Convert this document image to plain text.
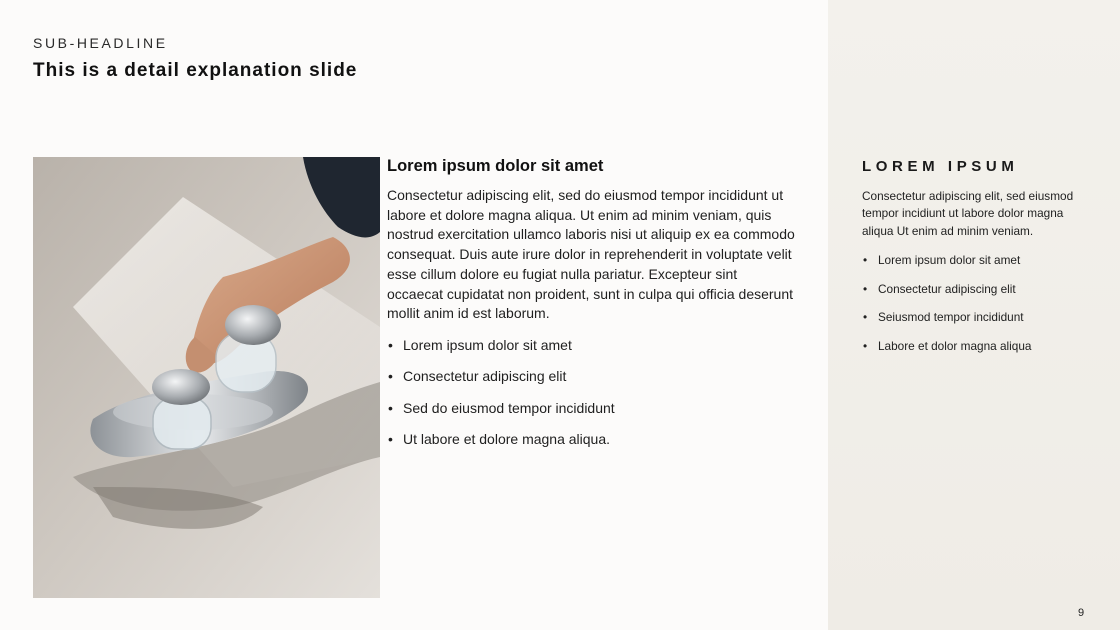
SUB-HEADLINE
This is a detail explanation slide
Lorem ipsum dolor sit amet

Consectetur adipiscing elit, sed do eiusmod tempor incididunt ut labore et dolore magna aliqua. Ut enim ad minim veniam, quis nostrud exercitation ullamco laboris nisi ut aliquip ex ea commodo consequat. Duis aute irure dolor in reprehenderit in voluptate velit esse cillum dolore eu fugiat nulla pariatur. Excepteur sint occaecat cupidatat non proident, sunt in culpa qui officia deserunt mollit anim id est laborum.

• Lorem ipsum dolor sit amet
• Consectetur adipiscing elit
• Sed do eiusmod tempor incididunt
• Ut labore et dolore magna aliqua.
LOREM IPSUM

Consectetur adipiscing elit, sed eiusmod tempor incidiunt ut labore dolor magna aliqua Ut enim ad minim veniam.

• Lorem ipsum dolor sit amet
• Consectetur adipiscing elit
• Seiusmod tempor incididunt
• Labore et dolor magna aliqua
9
